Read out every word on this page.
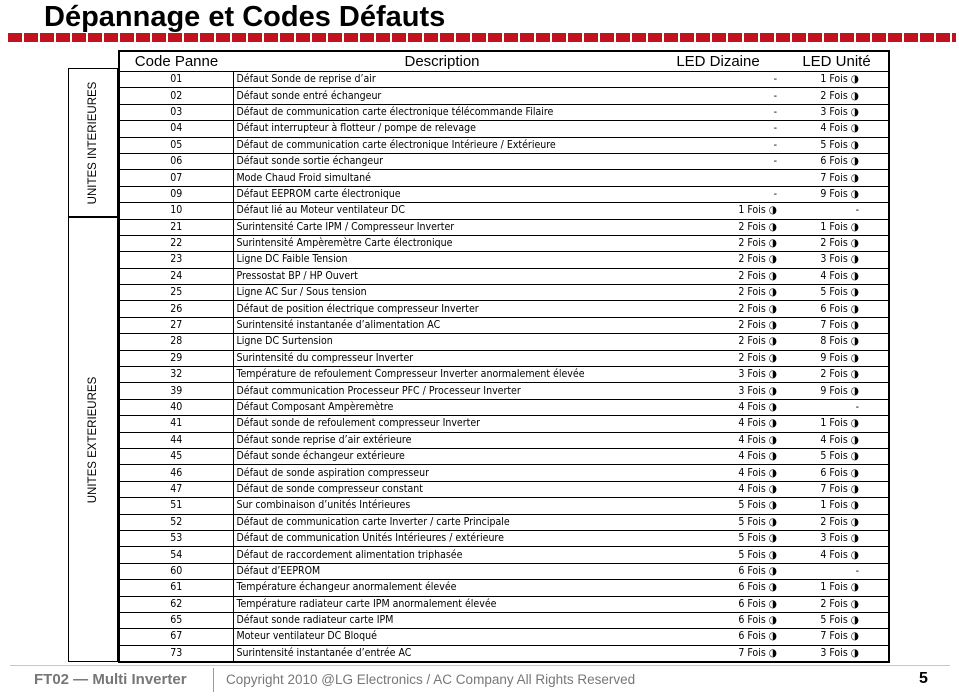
Dépannage et Codes Défauts
UNITES INTERIEURES
UNITES EXTERIEURES
Code Panne	Description	LED Dizaine	LED Unité
01	Défaut Sonde de reprise d’air	-	1 Fois ◑
02	Défaut sonde entré échangeur	-	2 Fois ◑
03	Défaut de communication carte électronique télécommande Filaire	-	3 Fois ◑
04	Défaut interrupteur à flotteur / pompe de relevage	-	4 Fois ◑
05	Défaut de communication carte électronique Intérieure / Extérieure	-	5 Fois ◑
06	Défaut sonde sortie échangeur	-	6 Fois ◑
07	Mode Chaud Froid simultané		7 Fois ◑
09	Défaut EEPROM carte électronique	-	9 Fois ◑
10	Défaut lié au Moteur ventilateur DC	1 Fois ◑	-
21	Surintensité Carte IPM / Compresseur Inverter	2 Fois ◑	1 Fois ◑
22	Surintensité Ampèremètre Carte électronique	2 Fois ◑	2 Fois ◑
23	Ligne DC Faible Tension	2 Fois ◑	3 Fois ◑
24	Pressostat BP / HP Ouvert	2 Fois ◑	4 Fois ◑
25	Ligne AC Sur / Sous tension	2 Fois ◑	5 Fois ◑
26	Défaut de position électrique compresseur Inverter	2 Fois ◑	6 Fois ◑
27	Surintensité instantanée d’alimentation AC	2 Fois ◑	7 Fois ◑
28	Ligne DC Surtension	2 Fois ◑	8 Fois ◑
29	Surintensité du compresseur Inverter	2 Fois ◑	9 Fois ◑
32	Température de refoulement Compresseur Inverter anormalement élevée	3 Fois ◑	2 Fois ◑
39	Défaut communication Processeur PFC / Processeur Inverter	3 Fois ◑	9 Fois ◑
40	Défaut Composant Ampèremètre	4 Fois ◑	-
41	Défaut sonde de refoulement compresseur Inverter	4 Fois ◑	1 Fois ◑
44	Défaut sonde reprise d’air extérieure	4 Fois ◑	4 Fois ◑
45	Défaut sonde échangeur extérieure	4 Fois ◑	5 Fois ◑
46	Défaut de sonde aspiration compresseur	4 Fois ◑	6 Fois ◑
47	Défaut de sonde compresseur constant	4 Fois ◑	7 Fois ◑
51	Sur combinaison d’unités Intérieures	5 Fois ◑	1 Fois ◑
52	Défaut de communication carte Inverter / carte Principale	5 Fois ◑	2 Fois ◑
53	Défaut de communication Unités Intérieures / extérieure	5 Fois ◑	3 Fois ◑
54	Défaut de raccordement alimentation triphasée	5 Fois ◑	4 Fois ◑
60	Défaut d’EEPROM	6 Fois ◑	-
61	Température échangeur anormalement élevée	6 Fois ◑	1 Fois ◑
62	Température radiateur carte IPM anormalement élevée	6 Fois ◑	2 Fois ◑
65	Défaut sonde radiateur carte IPM	6 Fois ◑	5 Fois ◑
67	Moteur ventilateur DC Bloqué	6 Fois ◑	7 Fois ◑
73	Surintensité instantanée d’entrée AC	7 Fois ◑	3 Fois ◑
FT02 — Multi Inverter	Copyright 2010 @LG Electronics / AC Company All Rights Reserved	5
